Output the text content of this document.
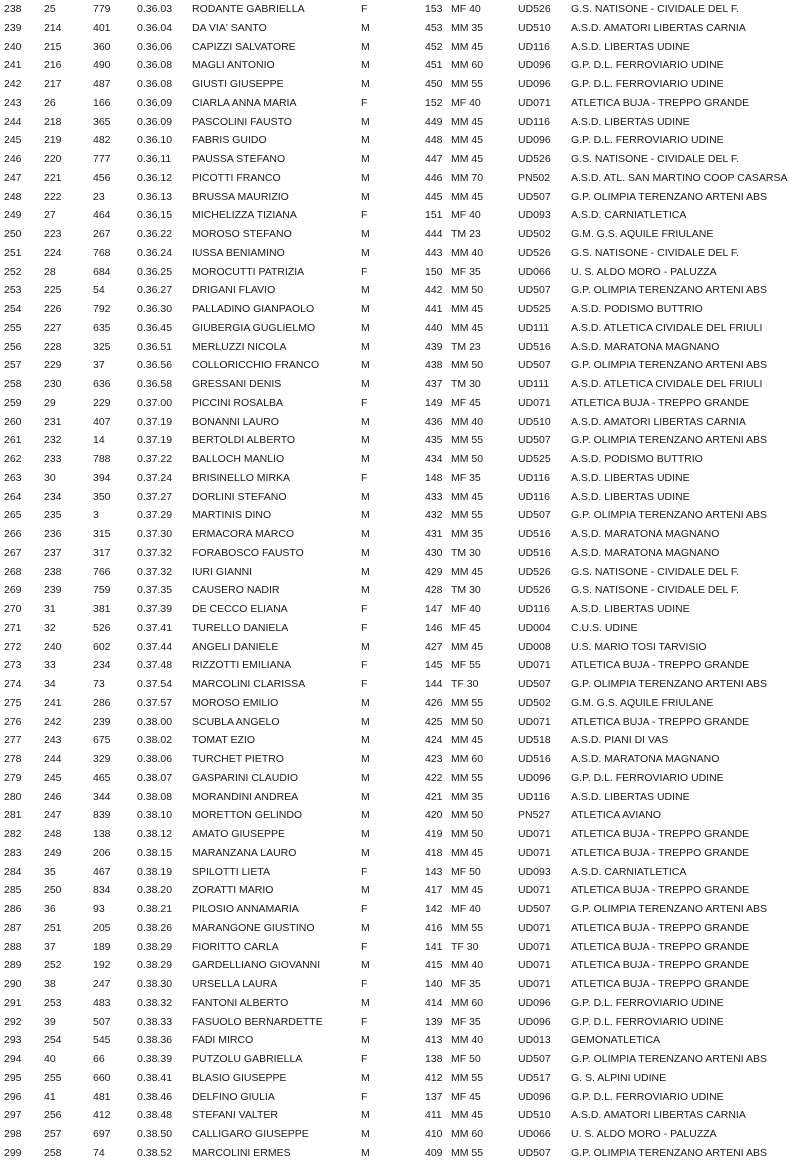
238	25	779	0.36.03	RODANTE GABRIELLA	F	153 MF 40	UD526	G.S. NATISONE - CIVIDALE DEL F.
239	214	401	0.36.04	DA VIA' SANTO	M	453 MM 35	UD510	A.S.D. AMATORI LIBERTAS CARNIA
240	215	360	0.36.06	CAPIZZI SALVATORE	M	452 MM 45	UD116	A.S.D. LIBERTAS UDINE
241	216	490	0.36.08	MAGLI ANTONIO	M	451 MM 60	UD096	G.P. D.L. FERROVIARIO UDINE
242	217	487	0.36.08	GIUSTI GIUSEPPE	M	450 MM 55	UD096	G.P. D.L. FERROVIARIO UDINE
243	26	166	0.36.09	CIARLA ANNA MARIA	F	152 MF 40	UD071	ATLETICA BUJA - TREPPO GRANDE
244	218	365	0.36.09	PASCOLINI FAUSTO	M	449 MM 45	UD116	A.S.D. LIBERTAS UDINE
245	219	482	0.36.10	FABRIS GUIDO	M	448 MM 45	UD096	G.P. D.L. FERROVIARIO UDINE
246	220	777	0.36.11	PAUSSA STEFANO	M	447 MM 45	UD526	G.S. NATISONE - CIVIDALE DEL F.
247	221	456	0.36.12	PICOTTI FRANCO	M	446 MM 70	PN502	A.S.D. ATL. SAN MARTINO COOP CASARSA
248	222	23	0.36.13	BRUSSA MAURIZIO	M	445 MM 45	UD507	G.P. OLIMPIA TERENZANO ARTENI ABS
249	27	464	0.36.15	MICHELIZZA TIZIANA	F	151 MF 40	UD093	A.S.D. CARNIATLETICA
250	223	267	0.36.22	MOROSO STEFANO	M	444 TM 23	UD502	G.M. G.S. AQUILE FRIULANE
251	224	768	0.36.24	IUSSA BENIAMINO	M	443 MM 40	UD526	G.S. NATISONE - CIVIDALE DEL F.
252	28	684	0.36.25	MOROCUTTI PATRIZIA	F	150 MF 35	UD066	U. S. ALDO MORO - PALUZZA
253	225	54	0.36.27	DRIGANI FLAVIO	M	442 MM 50	UD507	G.P. OLIMPIA TERENZANO ARTENI ABS
254	226	792	0.36.30	PALLADINO GIANPAOLO	M	441 MM 45	UD525	A.S.D. PODISMO BUTTRIO
255	227	635	0.36.45	GIUBERGIA GUGLIELMO	M	440 MM 45	UD111	A.S.D. ATLETICA CIVIDALE DEL FRIULI
256	228	325	0.36.51	MERLUZZI NICOLA	M	439 TM 23	UD516	A.S.D. MARATONA MAGNANO
257	229	37	0.36.56	COLLORICCHIO FRANCO	M	438 MM 50	UD507	G.P. OLIMPIA TERENZANO ARTENI ABS
258	230	636	0.36.58	GRESSANI DENIS	M	437 TM 30	UD111	A.S.D. ATLETICA CIVIDALE DEL FRIULI
259	29	229	0.37.00	PICCINI ROSALBA	F	149 MF 45	UD071	ATLETICA BUJA - TREPPO GRANDE
260	231	407	0.37.19	BONANNI LAURO	M	436 MM 40	UD510	A.S.D. AMATORI LIBERTAS CARNIA
261	232	14	0.37.19	BERTOLDI ALBERTO	M	435 MM 55	UD507	G.P. OLIMPIA TERENZANO ARTENI ABS
262	233	788	0.37.22	BALLOCH MANLIO	M	434 MM 50	UD525	A.S.D. PODISMO BUTTRIO
263	30	394	0.37.24	BRISINELLO MIRKA	F	148 MF 35	UD116	A.S.D. LIBERTAS UDINE
264	234	350	0.37.27	DORLINI STEFANO	M	433 MM 45	UD116	A.S.D. LIBERTAS UDINE
265	235	3	0.37.29	MARTINIS DINO	M	432 MM 55	UD507	G.P. OLIMPIA TERENZANO ARTENI ABS
266	236	315	0.37.30	ERMACORA MARCO	M	431 MM 35	UD516	A.S.D. MARATONA MAGNANO
267	237	317	0.37.32	FORABOSCO FAUSTO	M	430 TM 30	UD516	A.S.D. MARATONA MAGNANO
268	238	766	0.37.32	IURI GIANNI	M	429 MM 45	UD526	G.S. NATISONE - CIVIDALE DEL F.
269	239	759	0.37.35	CAUSERO NADIR	M	428 TM 30	UD526	G.S. NATISONE - CIVIDALE DEL F.
270	31	381	0.37.39	DE CECCO ELIANA	F	147 MF 40	UD116	A.S.D. LIBERTAS UDINE
271	32	526	0.37.41	TURELLO DANIELA	F	146 MF 45	UD004	C.U.S. UDINE
272	240	602	0.37.44	ANGELI DANIELE	M	427 MM 45	UD008	U.S. MARIO TOSI TARVISIO
273	33	234	0.37.48	RIZZOTTI EMILIANA	F	145 MF 55	UD071	ATLETICA BUJA - TREPPO GRANDE
274	34	73	0.37.54	MARCOLINI CLARISSA	F	144 TF 30	UD507	G.P. OLIMPIA TERENZANO ARTENI ABS
275	241	286	0.37.57	MOROSO EMILIO	M	426 MM 55	UD502	G.M. G.S. AQUILE FRIULANE
276	242	239	0.38.00	SCUBLA ANGELO	M	425 MM 50	UD071	ATLETICA BUJA - TREPPO GRANDE
277	243	675	0.38.02	TOMAT EZIO	M	424 MM 45	UD518	A.S.D. PIANI DI VAS
278	244	329	0.38.06	TURCHET PIETRO	M	423 MM 60	UD516	A.S.D. MARATONA MAGNANO
279	245	465	0.38.07	GASPARINI CLAUDIO	M	422 MM 55	UD096	G.P. D.L. FERROVIARIO UDINE
280	246	344	0.38.08	MORANDINI ANDREA	M	421 MM 35	UD116	A.S.D. LIBERTAS UDINE
281	247	839	0.38.10	MORETTON GELINDO	M	420 MM 50	PN527	ATLETICA AVIANO
282	248	138	0.38.12	AMATO GIUSEPPE	M	419 MM 50	UD071	ATLETICA BUJA - TREPPO GRANDE
283	249	206	0.38.15	MARANZANA LAURO	M	418 MM 45	UD071	ATLETICA BUJA - TREPPO GRANDE
284	35	467	0.38.19	SPILOTTI LIETA	F	143 MF 50	UD093	A.S.D. CARNIATLETICA
285	250	834	0.38.20	ZORATTI MARIO	M	417 MM 45	UD071	ATLETICA BUJA - TREPPO GRANDE
286	36	93	0.38.21	PILOSIO ANNAMARIA	F	142 MF 40	UD507	G.P. OLIMPIA TERENZANO ARTENI ABS
287	251	205	0.38.26	MARANGONE GIUSTINO	M	416 MM 55	UD071	ATLETICA BUJA - TREPPO GRANDE
288	37	189	0.38.29	FIORITTO CARLA	F	141 TF 30	UD071	ATLETICA BUJA - TREPPO GRANDE
289	252	192	0.38.29	GARDELLIANO GIOVANNI	M	415 MM 40	UD071	ATLETICA BUJA - TREPPO GRANDE
290	38	247	0.38.30	URSELLA LAURA	F	140 MF 35	UD071	ATLETICA BUJA - TREPPO GRANDE
291	253	483	0.38.32	FANTONI ALBERTO	M	414 MM 60	UD096	G.P. D.L. FERROVIARIO UDINE
292	39	507	0.38.33	FASUOLO BERNARDETTE	F	139 MF 35	UD096	G.P. D.L. FERROVIARIO UDINE
293	254	545	0.38.36	FADI MIRCO	M	413 MM 40	UD013	GEMONATLETICA
294	40	66	0.38.39	PUTZOLU GABRIELLA	F	138 MF 50	UD507	G.P. OLIMPIA TERENZANO ARTENI ABS
295	255	660	0.38.41	BLASIO GIUSEPPE	M	412 MM 55	UD517	G. S. ALPINI UDINE
296	41	481	0.38.46	DELFINO GIULIA	F	137 MF 45	UD096	G.P. D.L. FERROVIARIO UDINE
297	256	412	0.38.48	STEFANI VALTER	M	411 MM 45	UD510	A.S.D. AMATORI LIBERTAS CARNIA
298	257	697	0.38.50	CALLIGARO GIUSEPPE	M	410 MM 60	UD066	U. S. ALDO MORO - PALUZZA
299	258	74	0.38.52	MARCOLINI ERMES	M	409 MM 55	UD507	G.P. OLIMPIA TERENZANO ARTENI ABS
